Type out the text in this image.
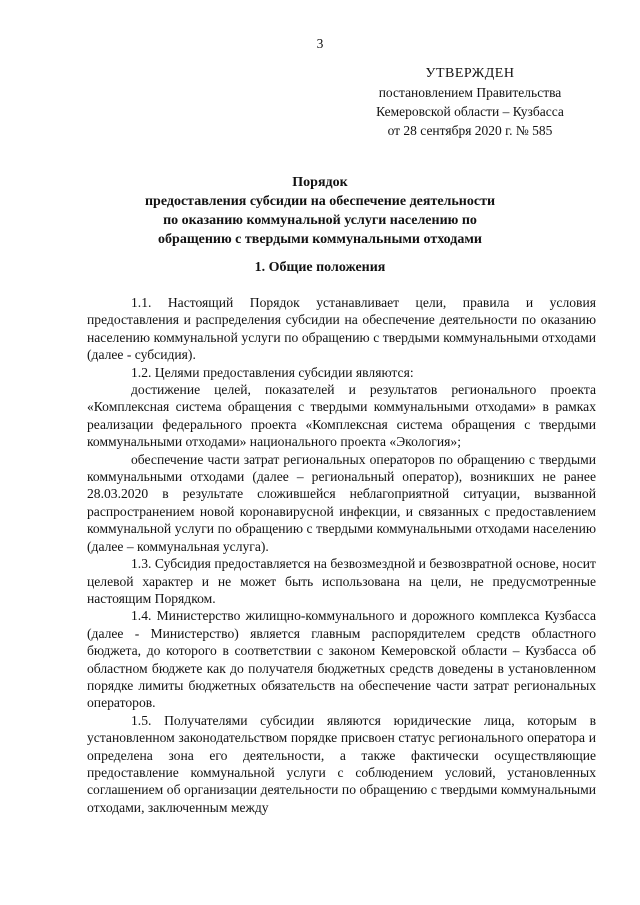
3
УТВЕРЖДЕН
постановлением Правительства
Кемеровской области – Кузбасса
от 28 сентября 2020 г. № 585
Порядок
предоставления субсидии на обеспечение деятельности
по оказанию коммунальной услуги населению по
обращению с твердыми коммунальными отходами
1. Общие положения

1.1. Настоящий Порядок устанавливает цели, правила и условия предоставления и распределения субсидии на обеспечение деятельности по оказанию населению коммунальной услуги по обращению с твердыми коммунальными отходами (далее - субсидия).

1.2. Целями предоставления субсидии являются:

достижение целей, показателей и результатов регионального проекта «Комплексная система обращения с твердыми коммунальными отходами» в рамках реализации федерального проекта «Комплексная система обращения с твердыми коммунальными отходами» национального проекта «Экология»;

обеспечение части затрат региональных операторов по обращению с твердыми коммунальными отходами (далее – региональный оператор), возникших не ранее 28.03.2020 в результате сложившейся неблагоприятной ситуации, вызванной распространением новой коронавирусной инфекции, и связанных с предоставлением коммунальной услуги по обращению с твердыми коммунальными отходами населению (далее – коммунальная услуга).

1.3. Субсидия предоставляется на безвозмездной и безвозвратной основе, носит целевой характер и не может быть использована на цели, не предусмотренные настоящим Порядком.

1.4. Министерство жилищно-коммунального и дорожного комплекса Кузбасса (далее - Министерство) является главным распорядителем средств областного бюджета, до которого в соответствии с законом Кемеровской области – Кузбасса об областном бюджете как до получателя бюджетных средств доведены в установленном порядке лимиты бюджетных обязательств на обеспечение части затрат региональных операторов.

1.5. Получателями субсидии являются юридические лица, которым в установленном законодательством порядке присвоен статус регионального оператора и определена зона его деятельности, а также фактически осуществляющие предоставление коммунальной услуги с соблюдением условий, установленных соглашением об организации деятельности по обращению с твердыми коммунальными отходами, заключенным между
